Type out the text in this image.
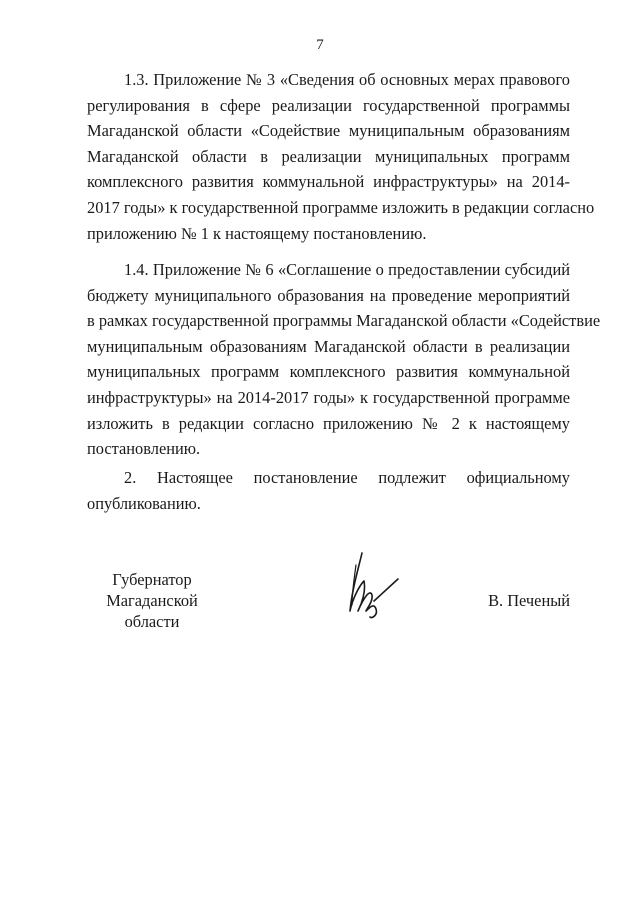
7
1.3. Приложение № 3 «Сведения об основных мерах правового
регулирования в сфере реализации государственной программы
Магаданской области «Содействие муниципальным образованиям
Магаданской области в реализации муниципальных программ
комплексного развития коммунальной инфраструктуры» на 2014-
2017 годы» к государственной программе изложить в редакции согласно
приложению № 1 к настоящему постановлению.
1.4. Приложение № 6 «Соглашение о предоставлении субсидий
бюджету муниципального образования на проведение мероприятий
в рамках государственной программы Магаданской области «Содействие
муниципальным образованиям Магаданской области в реализации
муниципальных программ комплексного развития коммунальной
инфраструктуры» на 2014-2017 годы» к государственной программе
изложить в редакции согласно приложению № 2 к настоящему
постановлению.
2. Настоящее постановление подлежит официальному
опубликованию.
Губернатор
Магаданской области
В. Печеный
